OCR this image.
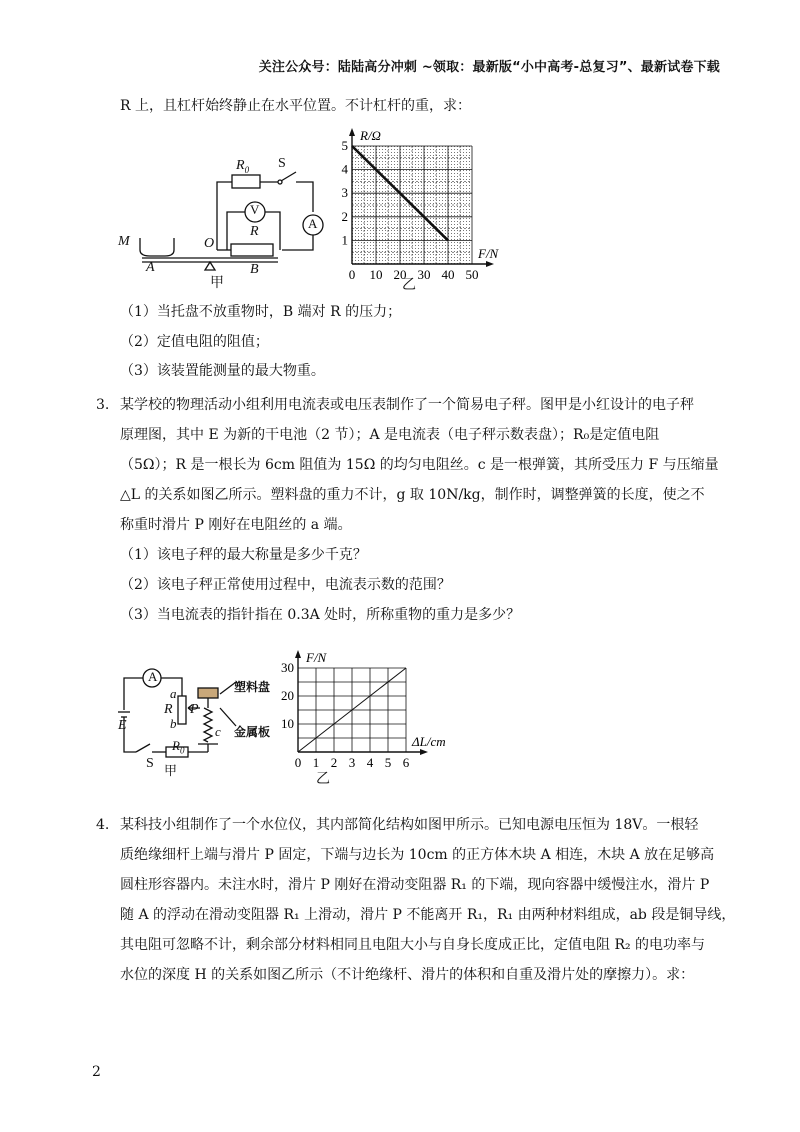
关注公众号：陆陆高分冲刺 ~领取：最新版“小中高考-总复习”、最新试卷下载
R 上，且杠杆始终静止在水平位置。不计杠杆的重，求：
$R_0$ S
V
A
R
M	O
A	B
甲
0 10 20 30 40 50
1
2
3
4
5
F/N
R/Ω
乙
（1）当托盘不放重物时，B 端对 R 的压力；
（2）定值电阻的阻值；
（3）该装置能测量的最大物重。
3. 某学校的物理活动小组利用电流表或电压表制作了一个简易电子秤。图甲是小红设计的电子秤
原理图，其中 E 为新的干电池（2 节）；A 是电流表（电子秤示数表盘）；R₀是定值电阻
（5Ω）；R 是一根长为 6cm 阻值为 15Ω 的均匀电阻丝。c 是一根弹簧，其所受压力 F 与压缩量
△L 的关系如图乙所示。塑料盘的重力不计，g 取 10N/kg，制作时，调整弹簧的长度，使之不
称重时滑片 P 刚好在电阻丝的 a 端。
（1）该电子秤的最大称量是多少千克？
（2）该电子秤正常使用过程中，电流表示数的范围？
（3）当电流表的指针指在 0.3A 处时，所称重物的重力是多少？
A
a
R
b
P
c
E
$R_0$
S 甲
塑料盘
金属板
0 1 2 3 4 5 6
10
20
30
ΔL/cm
F/N
乙
4. 某科技小组制作了一个水位仪，其内部简化结构如图甲所示。已知电源电压恒为 18V。一根轻
质绝缘细杆上端与滑片 P 固定，下端与边长为 10cm 的正方体木块 A 相连，木块 A 放在足够高
圆柱形容器内。未注水时，滑片 P 刚好在滑动变阻器 R₁ 的下端，现向容器中缓慢注水，滑片 P
随 A 的浮动在滑动变阻器 R₁ 上滑动，滑片 P 不能离开 R₁，R₁ 由两种材料组成，ab 段是铜导线，
其电阻可忽略不计，剩余部分材料相同且电阻大小与自身长度成正比，定值电阻 R₂ 的电功率与
水位的深度 H 的关系如图乙所示（不计绝缘杆、滑片的体积和自重及滑片处的摩擦力）。求：
2
